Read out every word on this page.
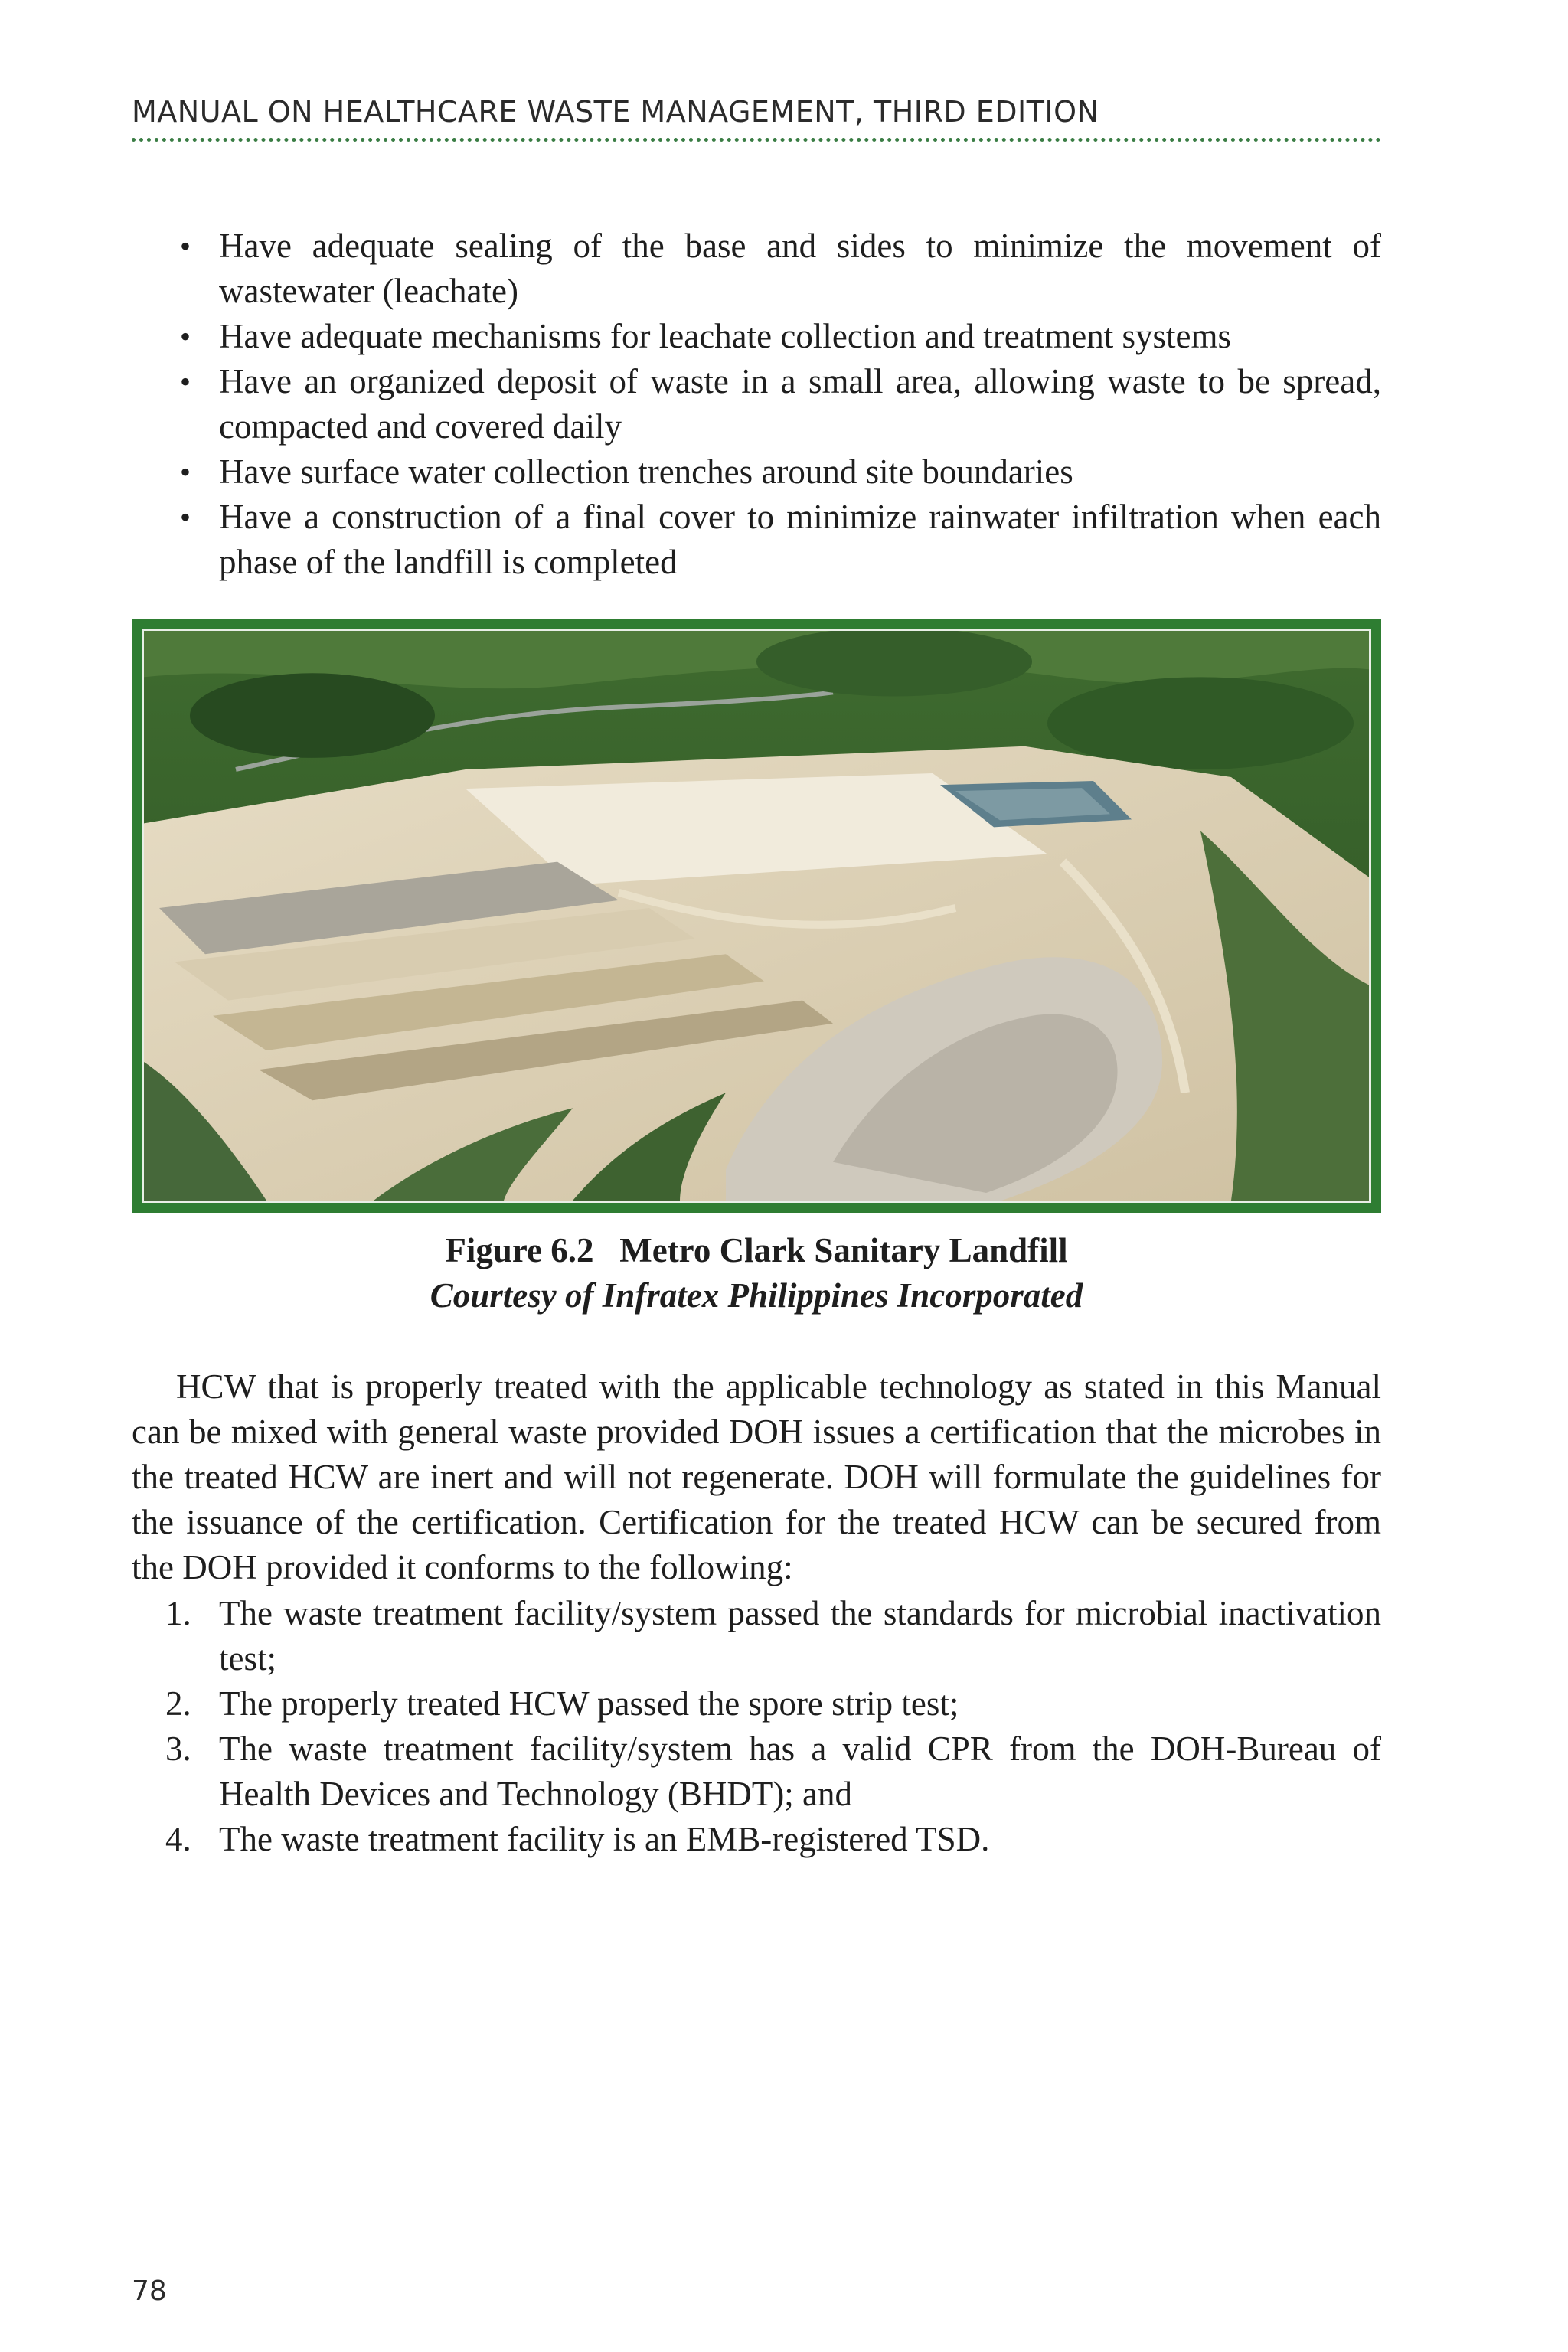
MANUAL ON HEALTHCARE WASTE MANAGEMENT, THIRD EDITION
• Have adequate sealing of the base and sides to minimize the movement of wastewater (leachate)
• Have adequate mechanisms for leachate collection and treatment systems
• Have an organized deposit of waste in a small area, allowing waste to be spread, compacted and covered daily
• Have surface water collection trenches around site boundaries
• Have a construction of a final cover to minimize rainwater infiltration when each phase of the landfill is completed
Figure 6.2   Metro Clark Sanitary Landfill
Courtesy of Infratex Philippines Incorporated

HCW that is properly treated with the applicable technology as stated in this Manual can be mixed with general waste provided DOH issues a certification that the microbes in the treated HCW are inert and will not regenerate. DOH will formulate the guidelines for the issuance of the certification. Certification for the treated HCW can be secured from the DOH provided it conforms to the following:

1. The waste treatment facility/system passed the standards for microbial inactivation test;
2. The properly treated HCW passed the spore strip test;
3. The waste treatment facility/system has a valid CPR from the DOH-Bureau of Health Devices and Technology (BHDT); and
4. The waste treatment facility is an EMB-registered TSD.
78
